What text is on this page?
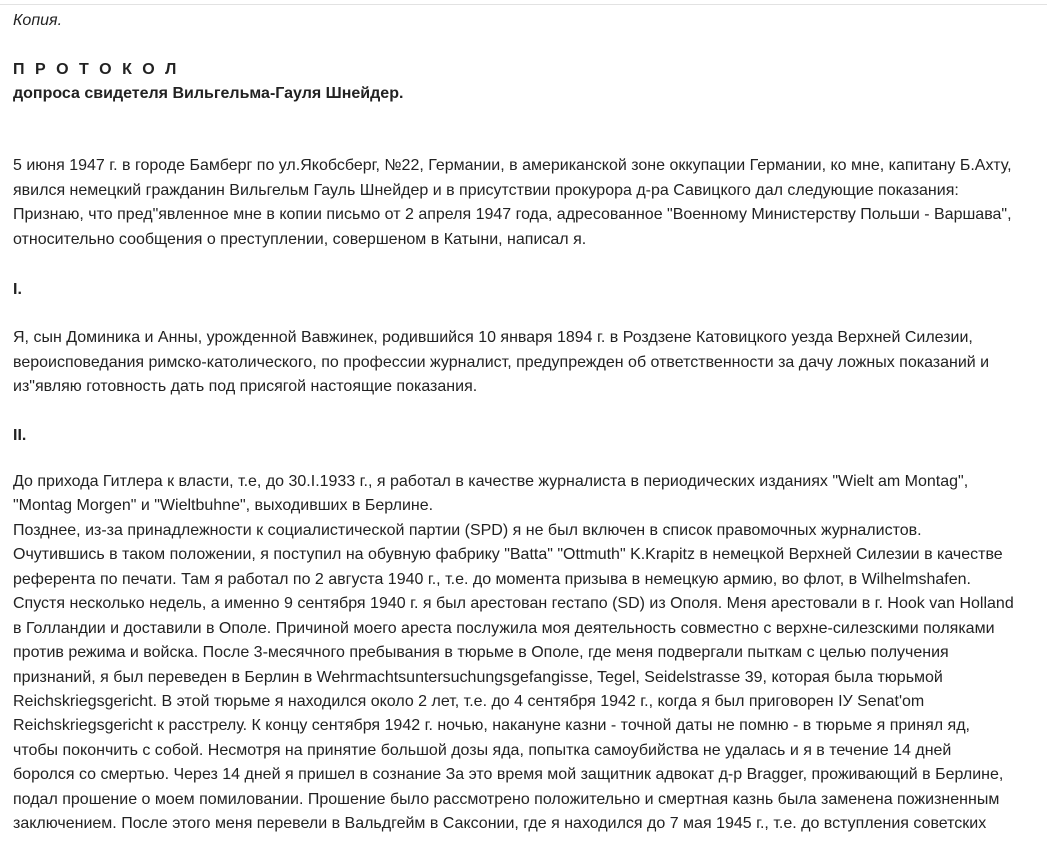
Копия.
П Р О Т О К О Л
допроса свидетеля Вильгельма-Гауля Шнейдер.
5 июня 1947 г. в городе Бамберг по ул.Якобсберг, №22, Германии, в американской зоне оккупации Германии, ко мне, капитану Б.Ахту,
явился немецкий гражданин Вильгельм Гауль Шнейдер и в присутствии прокурора д-ра Савицкого дал следующие показания:
Признаю, что пред"явленное мне в копии письмо от 2 апреля 1947 года, адресованное "Военному Министерству Польши - Варшава",
относительно сообщения о преступлении, совершеном в Катыни, написал я.
I.
Я, сын Доминика и Анны, урожденной Вавжинек, родившийся 10 января 1894 г. в Роздзене Катовицкого уезда Верхней Силезии,
вероисповедания римско-католического, по профессии журналист, предупрежден об ответственности за дачу ложных показаний и
из"являю готовность дать под присягой настоящие показания.
II.
До прихода Гитлера к власти, т.е, до 30.I.1933 г., я работал в качестве журналиста в периодических изданиях "Wielt am Montag",
"Montag Morgen" и "Wieltbuhne", выходивших в Берлине.
Позднее, из-за принадлежности к социалистической партии (SPD) я не был включен в список правомочных журналистов.
Очутившись в таком положении, я поступил на обувную фабрику "Batta" "Ottmuth" K.Krapitz в немецкой Верхней Силезии в качестве
референта по печати. Там я работал по 2 августа 1940 г., т.е. до момента призыва в немецкую армию, во флот, в Wilhelmshafen.
Спустя несколько недель, а именно 9 сентября 1940 г. я был арестован гестапо (SD) из Ополя. Меня арестовали в г. Hook van Holland
в Голландии и доставили в Ополе. Причиной моего ареста послужила моя деятельность совместно с верхне-силезскими поляками
против режима и войска. После 3-месячного пребывания в тюрьме в Ополе, где меня подвергали пыткам с целью получения
признаний, я был переведен в Берлин в Wehrmachtsuntersuchungsgefangisse, Tegel, Seidelstrasse 39, которая была тюрьмой
Reichskriegsgericht. В этой тюрьме я находился около 2 лет, т.е. до 4 сентября 1942 г., когда я был приговорен IУ Senat'om
Reichskriegsgericht к расстрелу. К концу сентября 1942 г. ночью, накануне казни - точной даты не помню - в тюрьме я принял яд,
чтобы покончить с собой. Несмотря на принятие большой дозы яда, попытка самоубийства не удалась и я в течение 14 дней
боролся со смертью. Через 14 дней я пришел в сознание За это время мой защитник адвокат д-р Bragger, проживающий в Берлине,
подал прошение о моем помиловании. Прошение было рассмотрено положительно и смертная казнь была заменена пожизненным
заключением. После этого меня перевели в Вальдгейм в Саксонии, где я находился до 7 мая 1945 г., т.е. до вступления советских
